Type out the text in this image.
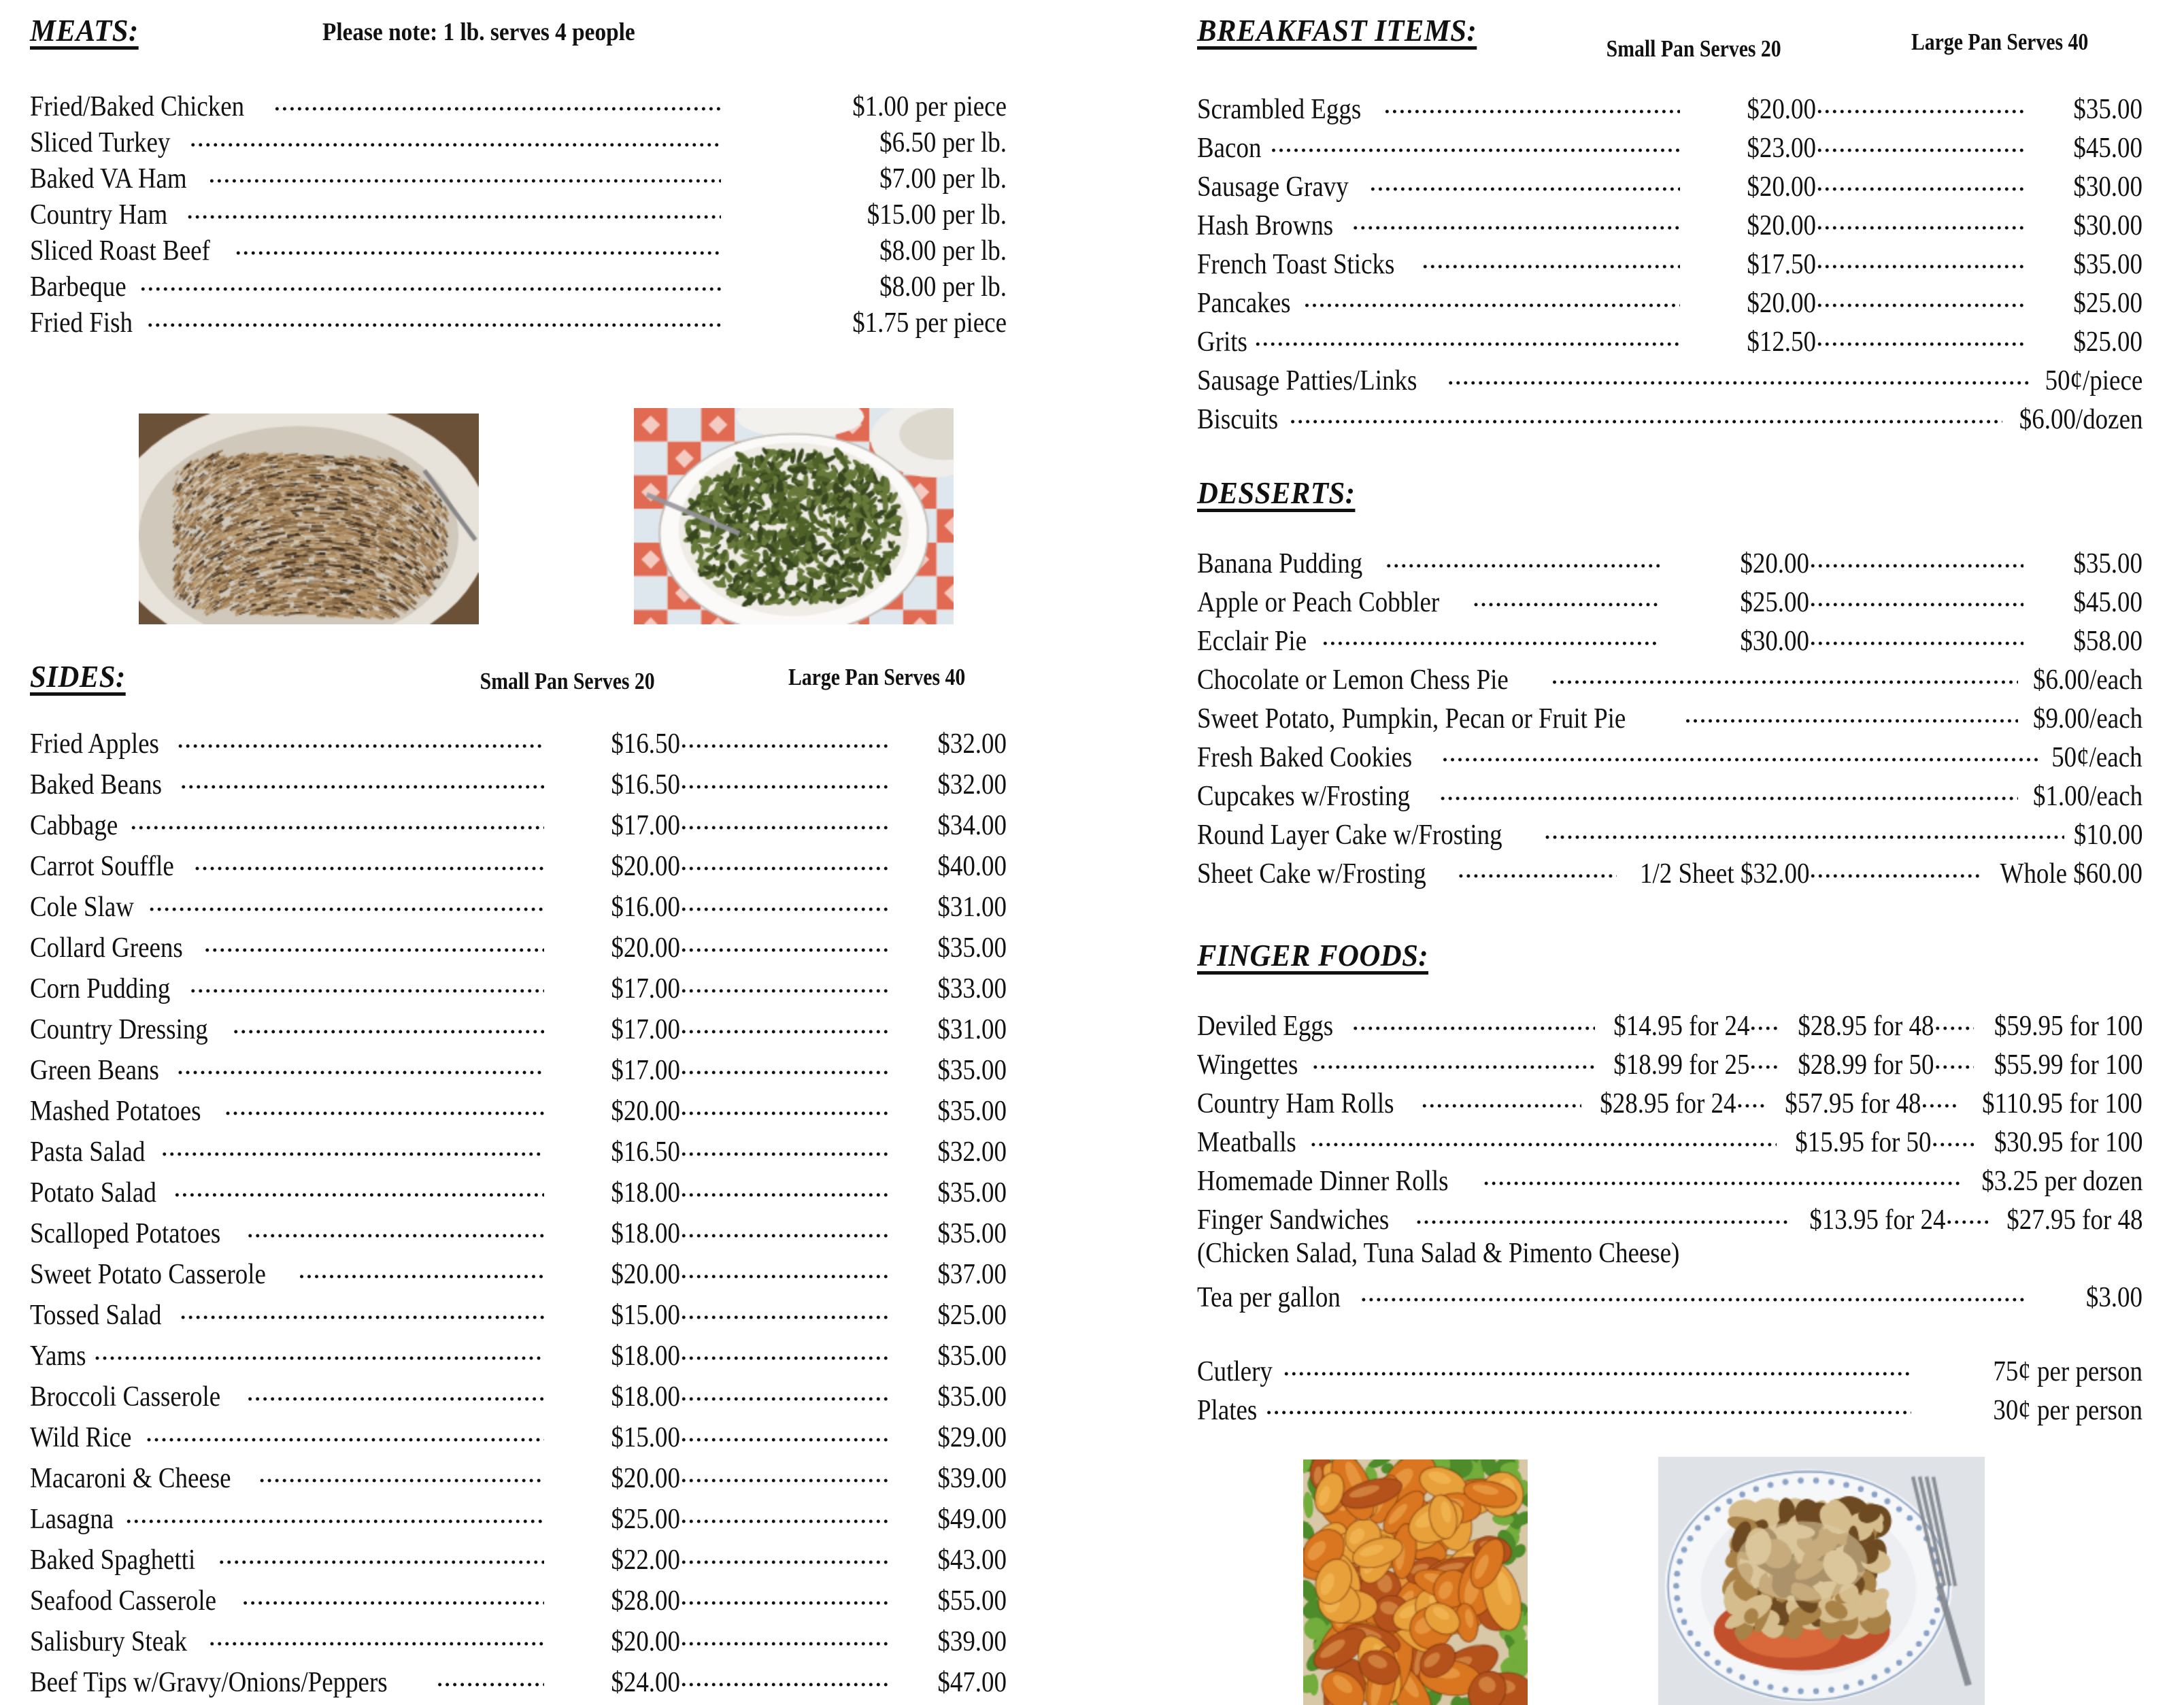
MEATS:	Please note: 1 lb. serves 4 people
Fried/Baked Chicken .....	$1.00 per piece
Sliced Turkey .....	$6.50 per lb.
Baked VA Ham .....	$7.00 per lb.
Country Ham .....	$15.00 per lb.
Sliced Roast Beef .....	$8.00 per lb.
Barbeque .....	$8.00 per lb.
Fried Fish .....	$1.75 per piece
SIDES:	Small Pan Serves 20	Large Pan Serves 40
Fried Apples .....	$16.50 .....	$32.00
Baked Beans .....	$16.50 .....	$32.00
Cabbage .....	$17.00 .....	$34.00
Carrot Souffle .....	$20.00 .....	$40.00
Cole Slaw .....	$16.00 .....	$31.00
Collard Greens .....	$20.00 .....	$35.00
Corn Pudding .....	$17.00 .....	$33.00
Country Dressing .....	$17.00 .....	$31.00
Green Beans .....	$17.00 .....	$35.00
Mashed Potatoes .....	$20.00 .....	$35.00
Pasta Salad .....	$16.50 .....	$32.00
Potato Salad .....	$18.00 .....	$35.00
Scalloped Potatoes .....	$18.00 .....	$35.00
Sweet Potato Casserole .....	$20.00 .....	$37.00
Tossed Salad .....	$15.00 .....	$25.00
Yams .....	$18.00 .....	$35.00
Broccoli Casserole .....	$18.00 .....	$35.00
Wild Rice .....	$15.00 .....	$29.00
Macaroni & Cheese .....	$20.00 .....	$39.00
Lasagna .....	$25.00 .....	$49.00
Baked Spaghetti .....	$22.00 .....	$43.00
Seafood Casserole .....	$28.00 .....	$55.00
Salisbury Steak .....	$20.00 .....	$39.00
Beef Tips w/Gravy/Onions/Peppers .....	$24.00 .....	$47.00
BREAKFAST ITEMS:
Small Pan Serves 20	Large Pan Serves 40
Scrambled Eggs .....	$20.00 .....	$35.00
Bacon .....	$23.00 .....	$45.00
Sausage Gravy .....	$20.00 .....	$30.00
Hash Browns .....	$20.00 .....	$30.00
French Toast Sticks .....	$17.50 .....	$35.00
Pancakes .....	$20.00 .....	$25.00
Grits .....	$12.50 .....	$25.00
Sausage Patties/Links .....	50¢/piece
Biscuits .....	$6.00/dozen
DESSERTS:
Banana Pudding .....	$20.00 .....	$35.00
Apple or Peach Cobbler .....	$25.00 .....	$45.00
Ecclair Pie .....	$30.00 .....	$58.00
Chocolate or Lemon Chess Pie .....	$6.00/each
Sweet Potato, Pumpkin, Pecan or Fruit Pie .....	$9.00/each
Fresh Baked Cookies .....	50¢/each
Cupcakes w/Frosting .....	$1.00/each
Round Layer Cake w/Frosting .....	$10.00
Sheet Cake w/Frosting .....	1/2 Sheet $32.00 .....	Whole $60.00
FINGER FOODS:
Deviled Eggs .....	$14.95 for 24 ..... $28.95 for 48 ..... $59.95 for 100
Wingettes .....	$18.99 for 25 ..... $28.99 for 50 ..... $55.99 for 100
Country Ham Rolls .....	$28.95 for 24 ..... $57.95 for 48 ..... $110.95 for 100
Meatballs .....	$15.95 for 50 ..... $30.95 for 100
Homemade Dinner Rolls .....	$3.25 per dozen
Finger Sandwiches .....	$13.95 for 24 ..... $27.95 for 48
(Chicken Salad, Tuna Salad & Pimento Cheese)
Tea per gallon .....	$3.00
Cutlery .....	75¢ per person
Plates .....	30¢ per person
